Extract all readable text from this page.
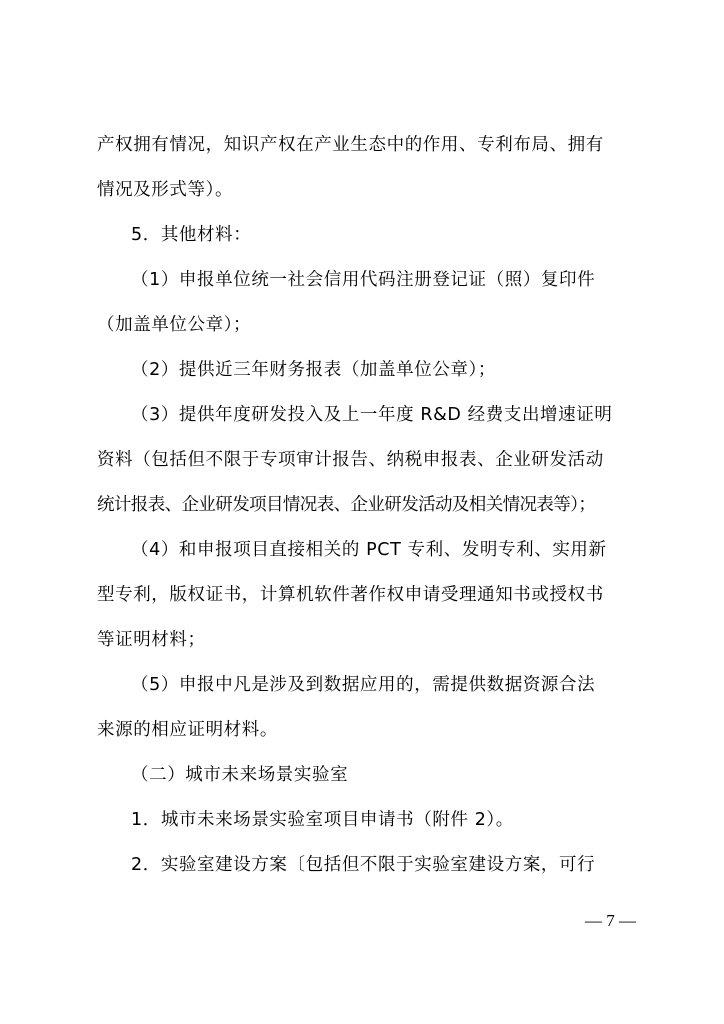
产权拥有情况，知识产权在产业生态中的作用、专利布局、拥有
情况及形式等）。
5．其他材料：
（1）申报单位统一社会信用代码注册登记证（照）复印件
（加盖单位公章）；
（2）提供近三年财务报表（加盖单位公章）；
（3）提供年度研发投入及上一年度 R&D 经费支出增速证明
资料（包括但不限于专项审计报告、纳税申报表、企业研发活动
统计报表、企业研发项目情况表、企业研发活动及相关情况表等）；
（4）和申报项目直接相关的 PCT 专利、发明专利、实用新
型专利，版权证书，计算机软件著作权申请受理通知书或授权书
等证明材料；
（5）申报中凡是涉及到数据应用的，需提供数据资源合法
来源的相应证明材料。
（二）城市未来场景实验室
1．城市未来场景实验室项目申请书（附件 2）。
2．实验室建设方案〔包括但不限于实验室建设方案，可行
— 7 —
